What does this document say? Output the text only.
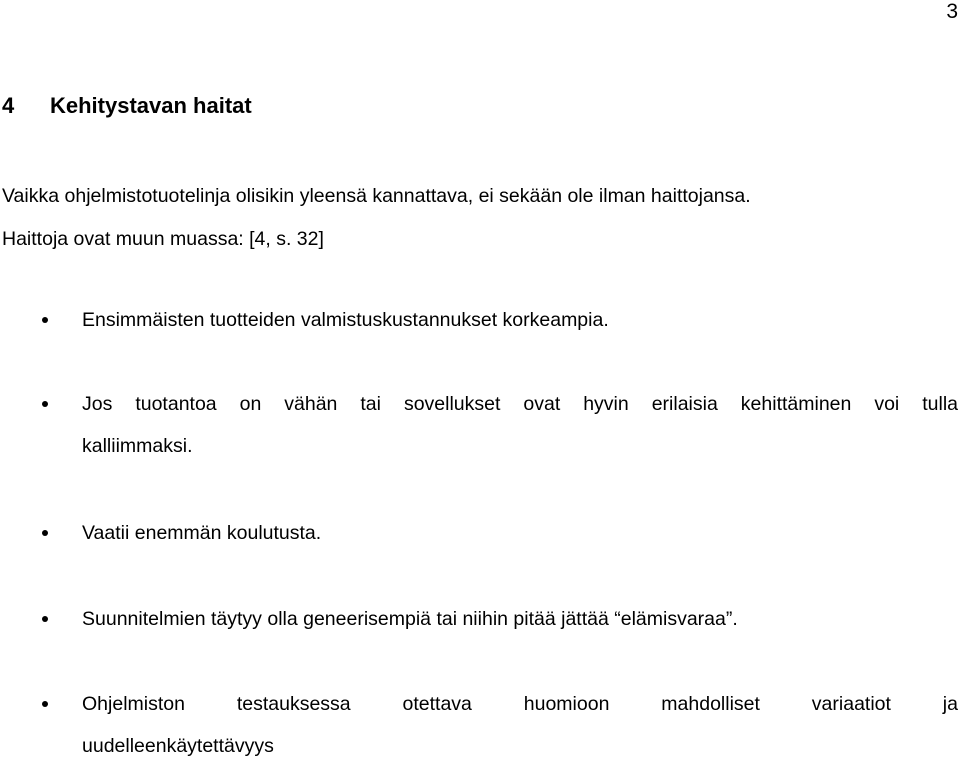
3
4 Kehitystavan haitat

Vaikka ohjelmistotuotelinja olisikin yleensä kannattava, ei sekään ole ilman haittojansa.

Haittoja ovat muun muassa: [4, s. 32]

Ensimmäisten tuotteiden valmistuskustannukset korkeampia.
Jos tuotantoa on vähän tai sovellukset ovat hyvin erilaisia kehittäminen voi tulla
kalliimmaksi.
Vaatii enemmän koulutusta.
Suunnitelmien täytyy olla geneerisempiä tai niihin pitää jättää “elämisvaraa”.
Ohjelmiston testauksessa otettava huomioon mahdolliset variaatiot ja
uudelleenkäytettävyys
